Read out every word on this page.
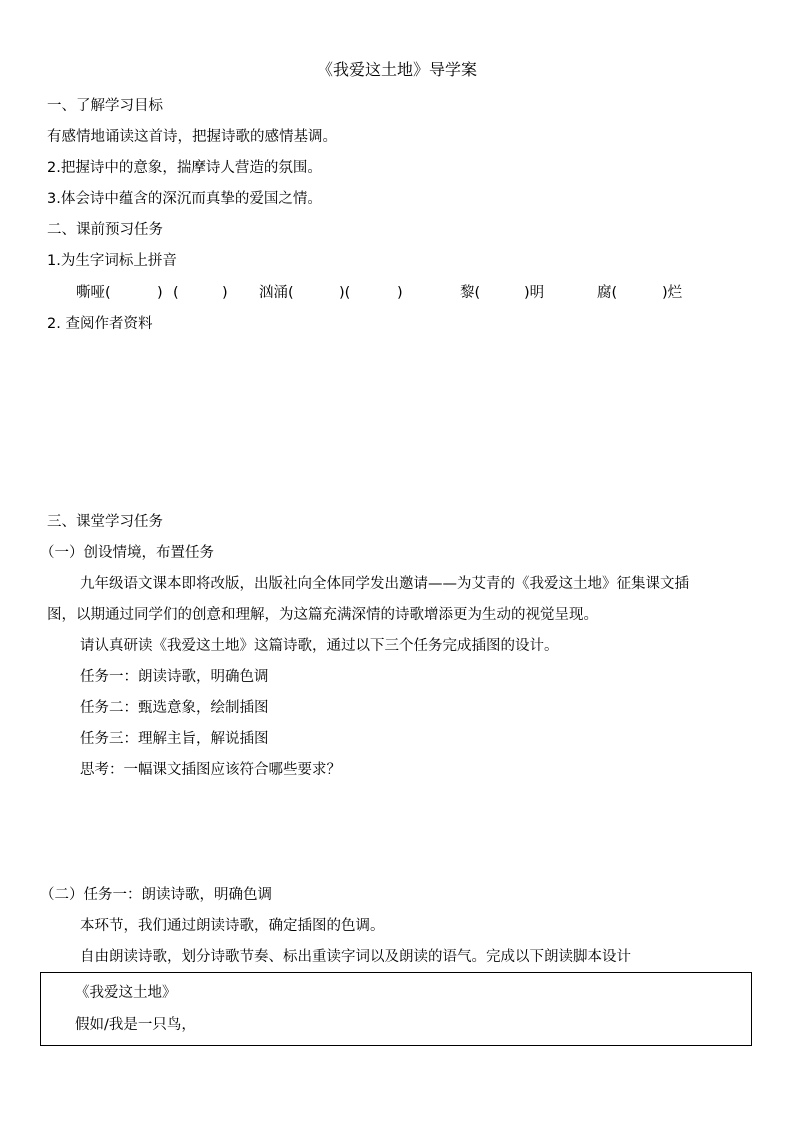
《我爱这土地》导学案
一、了解学习目标
有感情地诵读这首诗，把握诗歌的感情基调。
2.把握诗中的意象，揣摩诗人营造的氛围。
3.体会诗中蕴含的深沉而真挚的爱国之情。
二、课前预习任务
1.为生字词标上拼音
嘶哑(	) (	) 汹涌(	)(	)	黎(	)明	腐(	)烂
2. 查阅作者资料
三、课堂学习任务
（一）创设情境，布置任务
九年级语文课本即将改版，出版社向全体同学发出邀请——为艾青的《我爱这土地》征集课文插
图，以期通过同学们的创意和理解，为这篇充满深情的诗歌增添更为生动的视觉呈现。
请认真研读《我爱这土地》这篇诗歌，通过以下三个任务完成插图的设计。
任务一：朗读诗歌，明确色调
任务二：甄选意象，绘制插图
任务三：理解主旨，解说插图
思考：一幅课文插图应该符合哪些要求？
（二）任务一：朗读诗歌，明确色调
本环节，我们通过朗读诗歌，确定插图的色调。
自由朗读诗歌，划分诗歌节奏、标出重读字词以及朗读的语气。完成以下朗读脚本设计
《我爱这土地》
假如/我是一只鸟，
